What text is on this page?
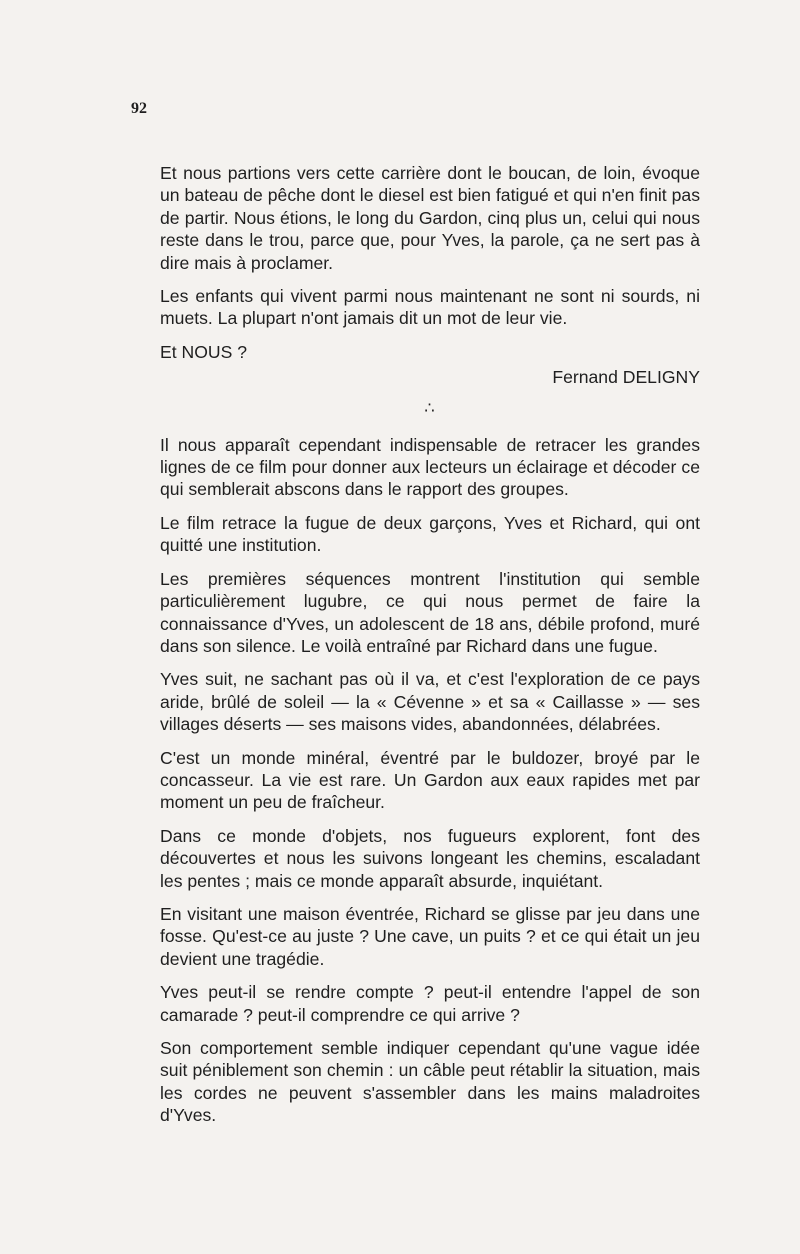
92

Et nous partions vers cette carrière dont le boucan, de loin, évoque un bateau de pêche dont le diesel est bien fatigué et qui n'en finit pas de partir. Nous étions, le long du Gardon, cinq plus un, celui qui nous reste dans le trou, parce que, pour Yves, la parole, ça ne sert pas à dire mais à proclamer.

Les enfants qui vivent parmi nous maintenant ne sont ni sourds, ni muets. La plupart n'ont jamais dit un mot de leur vie.

Et NOUS ?

Fernand DELIGNY

∴

Il nous apparaît cependant indispensable de retracer les grandes lignes de ce film pour donner aux lecteurs un éclairage et décoder ce qui semblerait abscons dans le rapport des groupes.

Le film retrace la fugue de deux garçons, Yves et Richard, qui ont quitté une institution.

Les premières séquences montrent l'institution qui semble particulièrement lugubre, ce qui nous permet de faire la connaissance d'Yves, un adolescent de 18 ans, débile profond, muré dans son silence. Le voilà entraîné par Richard dans une fugue.

Yves suit, ne sachant pas où il va, et c'est l'exploration de ce pays aride, brûlé de soleil — la « Cévenne » et sa « Caillasse » — ses villages déserts — ses maisons vides, abandonnées, délabrées.

C'est un monde minéral, éventré par le buldozer, broyé par le concasseur. La vie est rare. Un Gardon aux eaux rapides met par moment un peu de fraîcheur.

Dans ce monde d'objets, nos fugueurs explorent, font des découvertes et nous les suivons longeant les chemins, escaladant les pentes ; mais ce monde apparaît absurde, inquiétant.

En visitant une maison éventrée, Richard se glisse par jeu dans une fosse. Qu'est-ce au juste ? Une cave, un puits ? et ce qui était un jeu devient une tragédie.

Yves peut-il se rendre compte ? peut-il entendre l'appel de son camarade ? peut-il comprendre ce qui arrive ?

Son comportement semble indiquer cependant qu'une vague idée suit péniblement son chemin : un câble peut rétablir la situation, mais les cordes ne peuvent s'assembler dans les mains maladroites d'Yves.
